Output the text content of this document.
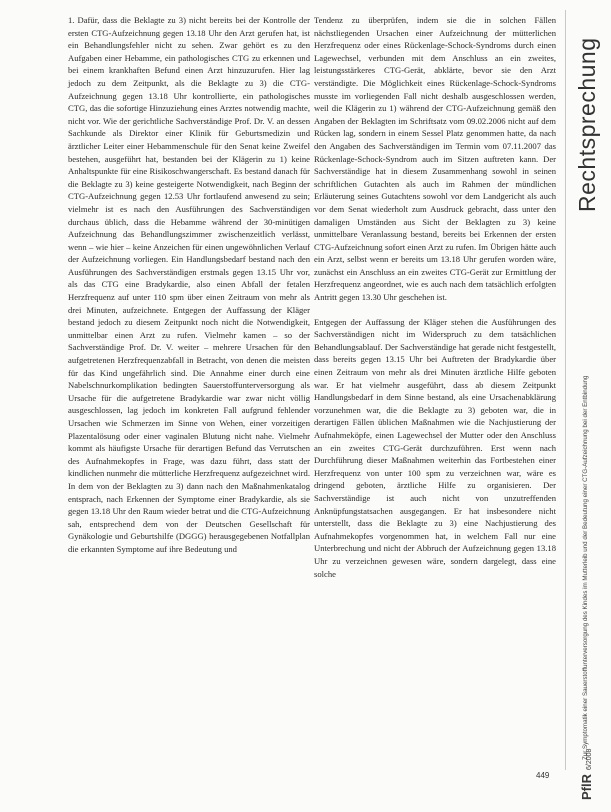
1. Dafür, dass die Beklagte zu 3) nicht bereits bei der Kontrolle der ersten CTG-Aufzeichnung gegen 13.18 Uhr den Arzt gerufen hat, ist ein Behandlungsfehler nicht zu sehen. Zwar gehört es zu den Aufgaben einer Hebamme, ein pathologisches CTG zu erkennen und bei einem krankhaften Befund einen Arzt hinzuzurufen. Hier lag jedoch zu dem Zeitpunkt, als die Beklagte zu 3) die CTG-Aufzeichnung gegen 13.18 Uhr kontrollierte, ein pathologisches CTG, das die sofortige Hinzuziehung eines Arztes notwendig machte, nicht vor. Wie der gerichtliche Sachverständige Prof. Dr. V. an dessen Sachkunde als Direktor einer Klinik für Geburtsmedizin und ärztlicher Leiter einer Hebammenschule für den Senat keine Zweifel bestehen, ausgeführt hat, bestanden bei der Klägerin zu 1) keine Anhaltspunkte für eine Risikoschwangerschaft. Es bestand danach für die Beklagte zu 3) keine gesteigerte Notwendigkeit, nach Beginn der CTG-Aufzeichnung gegen 12.53 Uhr fortlaufend anwesend zu sein; vielmehr ist es nach den Ausführungen des Sachverständigen durchaus üblich, dass die Hebamme während der 30-minütigen Aufzeichnung das Behandlungszimmer zwischenzeitlich verlässt, wenn – wie hier – keine Anzeichen für einen ungewöhnlichen Verlauf der Aufzeichnung vorliegen. Ein Handlungsbedarf bestand nach den Ausführungen des Sachverständigen erstmals gegen 13.15 Uhr vor, als das CTG eine Bradykardie, also einen Abfall der fetalen Herzfrequenz auf unter 110 spm über einen Zeitraum von mehr als drei Minuten, aufzeichnete. Entgegen der Auffassung der Kläger bestand jedoch zu diesem Zeitpunkt noch nicht die Notwendigkeit, unmittelbar einen Arzt zu rufen. Vielmehr kamen – so der Sachverständige Prof. Dr. V. weiter – mehrere Ursachen für den aufgetretenen Herzfrequenzabfall in Betracht, von denen die meisten für das Kind ungefährlich sind. Die Annahme einer durch eine Nabelschnurkomplikation bedingten Sauerstoffunterversorgung als Ursache für die aufgetretene Bradykardie war zwar nicht völlig ausgeschlossen, lag jedoch im konkreten Fall aufgrund fehlender Ursachen wie Schmerzen im Sinne von Wehen, einer vorzeitigen Plazentalösung oder einer vaginalen Blutung nicht nahe. Vielmehr kommt als häufigste Ursache für derartigen Befund das Verrutschen des Aufnahmekopfes in Frage, was dazu führt, dass statt der kindlichen nunmehr die mütterliche Herzfrequenz aufgezeichnet wird. In dem von der Beklagten zu 3) dann nach den Maßnahmenkatalog entsprach, nach Erkennen der Symptome einer Bradykardie, als sie gegen 13.18 Uhr den Raum wieder betrat und die CTG-Aufzeichnung sah, entsprechend dem von der Deutschen Gesellschaft für Gynäkologie und Geburtshilfe (DGGG) herausgegebenen Notfallplan die erkannten Symptome auf ihre Bedeutung und

Tendenz zu überprüfen, indem sie die in solchen Fällen nächstliegenden Ursachen einer Aufzeichnung der mütterlichen Herzfrequenz oder eines Rückenlage-Schock-Syndroms durch einen Lagewechsel, verbunden mit dem Anschluss an ein zweites, leistungsstärkeres CTG-Gerät, abklärte, bevor sie den Arzt verständigte. Die Möglichkeit eines Rückenlage-Schock-Syndroms musste im vorliegenden Fall nicht deshalb ausgeschlossen werden, weil die Klägerin zu 1) während der CTG-Aufzeichnung gemäß den Angaben der Beklagten im Schriftsatz vom 09.02.2006 nicht auf dem Rücken lag, sondern in einem Sessel Platz genommen hatte, da nach den Angaben des Sachverständigen im Termin vom 07.11.2007 das Rückenlage-Schock-Syndrom auch im Sitzen auftreten kann. Der Sachverständige hat in diesem Zusammenhang sowohl in seinen schriftlichen Gutachten als auch im Rahmen der mündlichen Erläuterung seines Gutachtens sowohl vor dem Landgericht als auch vor dem Senat wiederholt zum Ausdruck gebracht, dass unter den damaligen Umständen aus Sicht der Beklagten zu 3) keine unmittelbare Veranlassung bestand, bereits bei Erkennen der ersten CTG-Aufzeichnung sofort einen Arzt zu rufen. Im Übrigen hätte auch ein Arzt, selbst wenn er bereits um 13.18 Uhr gerufen worden wäre, zunächst ein Anschluss an ein zweites CTG-Gerät zur Ermittlung der Herzfrequenz angeordnet, wie es auch nach dem tatsächlich erfolgten Antritt gegen 13.30 Uhr geschehen ist.

Entgegen der Auffassung der Kläger stehen die Ausführungen des Sachverständigen nicht im Widerspruch zu dem tatsächlichen Behandlungsablauf. Der Sachverständige hat gerade nicht festgestellt, dass bereits gegen 13.15 Uhr bei Auftreten der Bradykardie über einen Zeitraum von mehr als drei Minuten ärztliche Hilfe geboten war. Er hat vielmehr ausgeführt, dass ab diesem Zeitpunkt Handlungsbedarf in dem Sinne bestand, als eine Ursachenabklärung vorzunehmen war, die die Beklagte zu 3) geboten war, die in derartigen Fällen üblichen Maßnahmen wie die Nachjustierung der Aufnahmeköpfe, einen Lagewechsel der Mutter oder den Anschluss an ein zweites CTG-Gerät durchzuführen. Erst wenn nach Durchführung dieser Maßnahmen weiterhin das Fortbestehen einer Herzfrequenz von unter 100 spm zu verzeichnen war, wäre es dringend geboten, ärztliche Hilfe zu organisieren. Der Sachverständige ist auch nicht von unzutreffenden Anknüpfungstatsachen ausgegangen. Er hat insbesondere nicht unterstellt, dass die Beklagte zu 3) eine Nachjustierung des Aufnahmekopfes vorgenommen hat, in welchem Fall nur eine Unterbrechung und nicht der Abbruch der Aufzeichnung gegen 13.18 Uhr zu verzeichnen gewesen wäre, sondern dargelegt, dass eine solche

Rechtsprechung
Zur Symptomatik einer Sauerstoffunterversorgung des Kindes im Mutterleib und der Bedeutung einer CTG-Aufzeichnung bei der Entbindung
PflR6/2008
449
